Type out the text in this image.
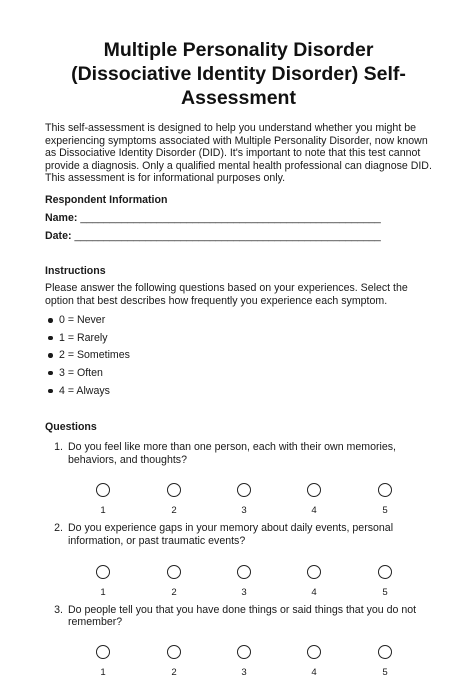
Multiple Personality Disorder (Dissociative Identity Disorder) Self-Assessment
This self-assessment is designed to help you understand whether you might be experiencing symptoms associated with Multiple Personality Disorder, now known as Dissociative Identity Disorder (DID). It's important to note that this test cannot provide a diagnosis. Only a qualified mental health professional can diagnose DID. This assessment is for informational purposes only.
Respondent Information
Name: ___________________________________________________
Date: ____________________________________________________
Instructions
Please answer the following questions based on your experiences. Select the option that best describes how frequently you experience each symptom.
0 = Never
1 = Rarely
2 = Sometimes
3 = Often
4 = Always
Questions
1. Do you feel like more than one person, each with their own memories, behaviors, and thoughts?
1	2	3	4	5
2. Do you experience gaps in your memory about daily events, personal information, or past traumatic events?
1	2	3	4	5
3. Do people tell you that you have done things or said things that you do not remember?
1	2	3	4	5
